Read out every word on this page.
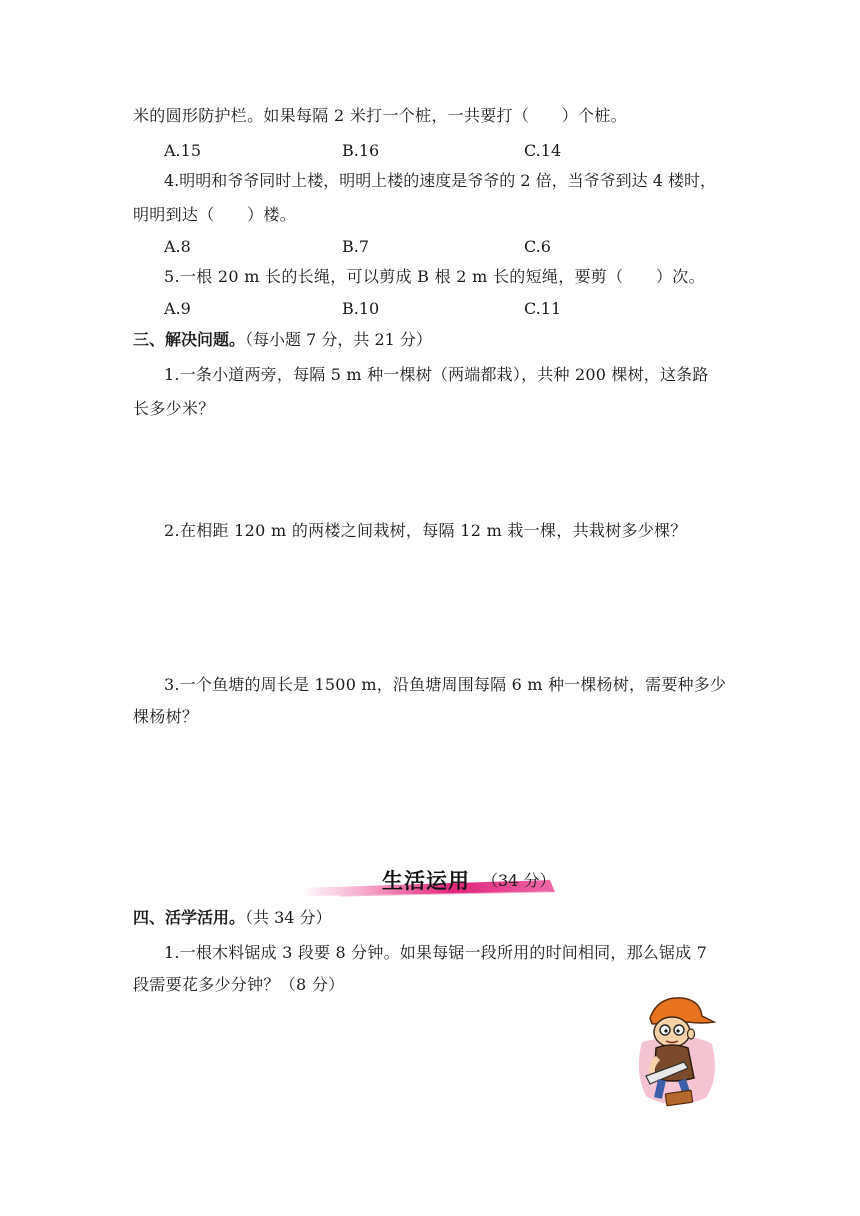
米的圆形防护栏。如果每隔 2 米打一个桩，一共要打（　　）个桩。
A.15	B.16	C.14
4.明明和爷爷同时上楼，明明上楼的速度是爷爷的 2 倍，当爷爷到达 4 楼时，
明明到达（　　）楼。
A.8	B.7	C.6
5.一根 20 m 长的长绳，可以剪成 B 根 2 m 长的短绳，要剪（　　）次。
A.9	B.10	C.11
三、解决问题。（每小题 7 分，共 21 分）
1.一条小道两旁，每隔 5 m 种一棵树（两端都栽），共种 200 棵树，这条路
长多少米？
2.在相距 120 m 的两楼之间栽树，每隔 12 m 栽一棵，共栽树多少棵？
3.一个鱼塘的周长是 1500 m，沿鱼塘周围每隔 6 m 种一棵杨树，需要种多少
棵杨树？
生活运用 （34 分）
四、活学活用。（共 34 分）
1.一根木料锯成 3 段要 8 分钟。如果每锯一段所用的时间相同，那么锯成 7
段需要花多少分钟？（8 分）
